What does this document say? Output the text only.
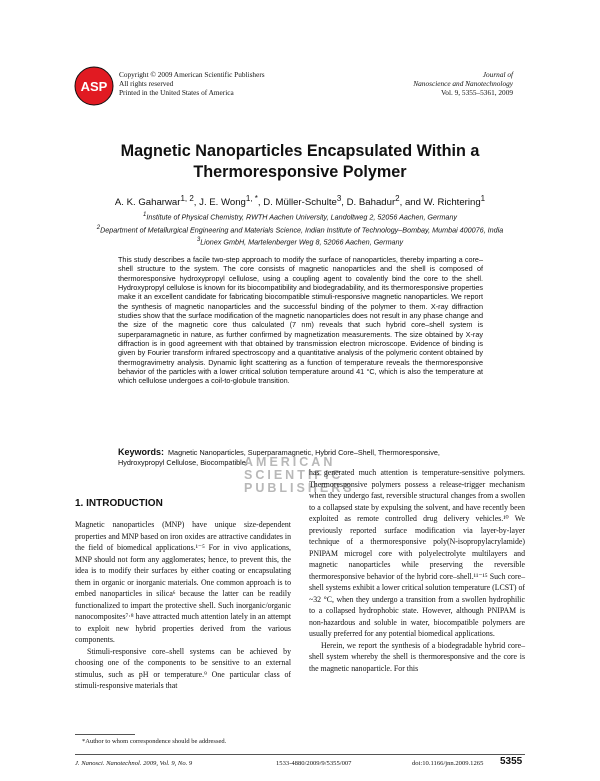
ASP
Copyright © 2009 American Scientific Publishers
All rights reserved
Printed in the United States of America
Journal of
Nanoscience and Nanotechnology
Vol. 9, 5355–5361, 2009
Magnetic Nanoparticles Encapsulated Within a
Thermoresponsive Polymer
A. K. Gaharwar$^{1, 2}$, J. E. Wong$^{1, *}$, D. Müller-Schulte$^3$, D. Bahadur$^2$, and W. Richtering$^1$
$^1$Institute of Physical Chemistry, RWTH Aachen University, Landoltweg 2, 52056 Aachen, Germany
$^2$Department of Metallurgical Engineering and Materials Science, Indian Institute of Technology–Bombay, Mumbai 400076, India
$^3$Lionex GmbH, Martelenberger Weg 8, 52066 Aachen, Germany
This study describes a facile two-step approach to modify the surface of nanoparticles, thereby imparting a core–shell structure to the system. The core consists of magnetic nanoparticles and the shell is composed of thermoresponsive hydroxypropyl cellulose, using a coupling agent to covalently bind the core to the shell. Hydroxypropyl cellulose is known for its biocompatibility and biodegradability, and its thermoresponsive properties make it an excellent candidate for fabricating biocompatible stimuli-responsive magnetic nanoparticles. We report the synthesis of magnetic nanoparticles and the successful binding of the polymer to them. X-ray diffraction studies show that the surface modification of the magnetic nanoparticles does not result in any phase change and the size of the magnetic core thus calculated (7 nm) reveals that such hybrid core–shell system is superparamagnetic in nature, as further confirmed by magnetization measurements. The size obtained by X-ray diffraction is in good agreement with that obtained by transmission electron microscope. Evidence of binding is given by Fourier transform infrared spectroscopy and a quantitative analysis of the polymeric content obtained by thermogravimetry analysis. Dynamic light scattering as a function of temperature reveals the thermoresponsive behavior of the particles with a lower critical solution temperature around 41 °C, which is also the temperature at which cellulose undergoes a coil-to-globule transition.
Keywords: Magnetic Nanoparticles, Superparamagnetic, Hybrid Core–Shell, Thermoresponsive, Hydroxypropyl Cellulose, Biocompatible.
AMERICAN
SCIENTIFIC
PUBLISHERS
1. INTRODUCTION

Magnetic nanoparticles (MNP) have unique size-dependent properties and MNP based on iron oxides are attractive candidates in the field of biomedical applications.¹⁻⁵ For in vivo applications, MNP should not form any agglomerates; hence, to prevent this, the idea is to modify their surfaces by either coating or encapsulating them in organic or inorganic materials. One common approach is to embed nanoparticles in silica⁶ because the latter can be readily functionalized to impart the protective shell. Such inorganic/organic nanocomposites⁷·⁸ have attracted much attention lately in an attempt to exploit new hybrid properties derived from the various components.

Stimuli-responsive core–shell systems can be achieved by choosing one of the components to be sensitive to an external stimulus, such as pH or temperature.⁹ One particular class of stimuli-responsive materials that

has generated much attention is temperature-sensitive polymers. Thermoresponsive polymers possess a release-trigger mechanism when they undergo fast, reversible structural changes from a swollen to a collapsed state by expulsing the solvent, and have recently been exploited as remote controlled drug delivery vehicles.¹⁰ We previously reported surface modification via layer-by-layer technique of a thermoresponsive poly(N-isopropylacrylamide) PNIPAM microgel core with polyelectrolyte multilayers and magnetic nanoparticles while preserving the reversible thermoresponsive behavior of the hybrid core–shell.¹¹⁻¹⁵ Such core–shell systems exhibit a lower critical solution temperature (LCST) of ~32 °C, when they undergo a transition from a swollen hydrophilic to a collapsed hydrophobic state. However, although PNIPAM is non-hazardous and soluble in water, biocompatible polymers are usually preferred for any potential biomedical applications.

Herein, we report the synthesis of a biodegradable hybrid core–shell system whereby the shell is thermoresponsive and the core is the magnetic nanoparticle. For this

*Author to whom correspondence should be addressed.
J. Nanosci. Nanotechnol. 2009, Vol. 9, No. 9	1533-4880/2009/9/5355/007	doi:10.1166/jnn.2009.1265 5355
